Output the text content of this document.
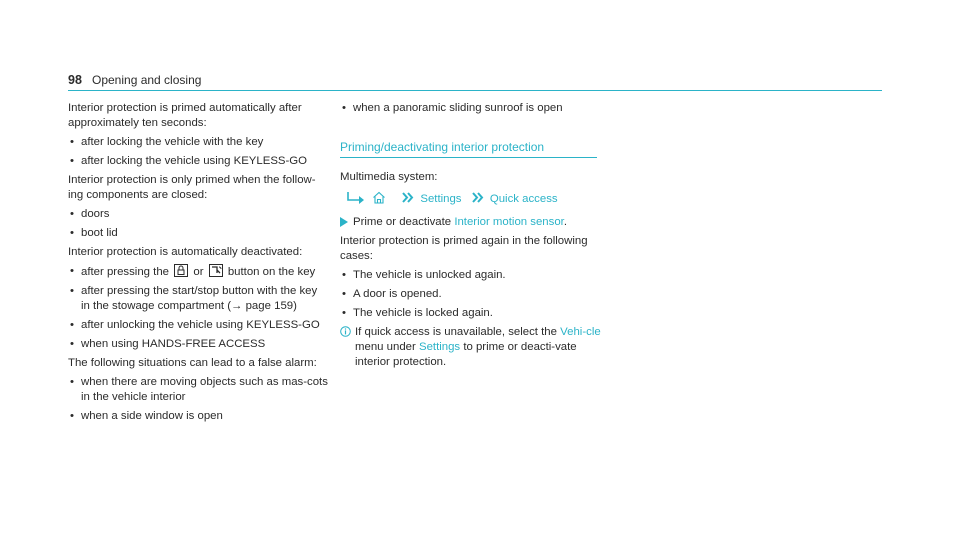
98 Opening and closing

Interior protection is primed automatically after approximately ten seconds:

• after locking the vehicle with the key
• after locking the vehicle using KEYLESS-GO

Interior protection is only primed when the follow-ing components are closed:

• doors
• boot lid

Interior protection is automatically deactivated:

• after pressing the or button on the key
• after pressing the start/stop button with the key in the stowage compartment (→ page 159)
• after unlocking the vehicle using KEYLESS-GO
• when using HANDS-FREE ACCESS

The following situations can lead to a false alarm:

• when there are moving objects such as mas-cots in the vehicle interior
• when a side window is open
• when a panoramic sliding sunroof is open
Priming/deactivating interior protection

Multimedia system:

Settings Quick access
Prime or deactivate Interior motion sensor.

Interior protection is primed again in the following cases:

• The vehicle is unlocked again.
• A door is opened.
• The vehicle is locked again.
If quick access is unavailable, select the Vehi-cle menu under Settings to prime or deacti-vate interior protection.
